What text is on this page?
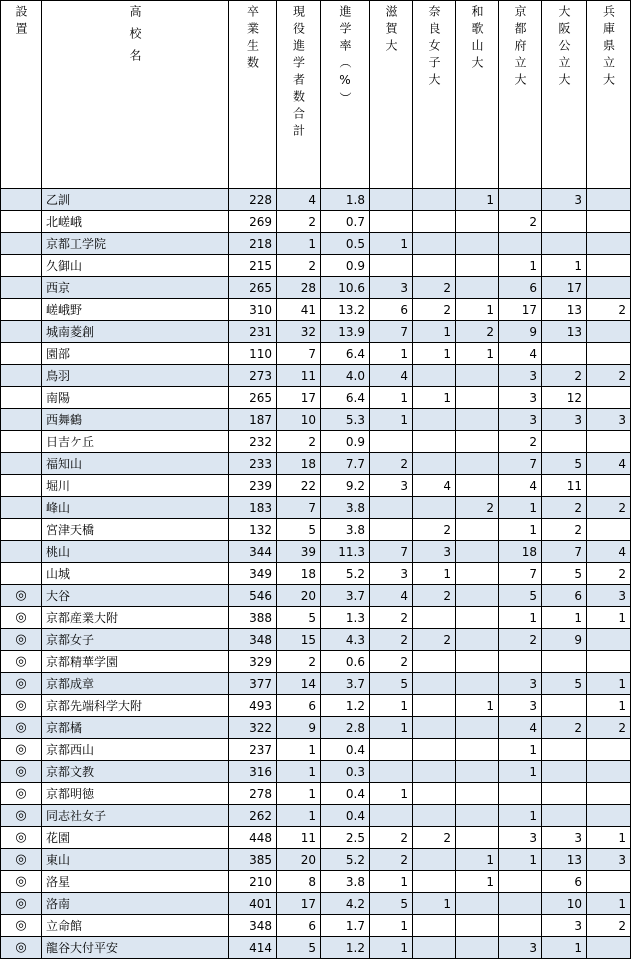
設置	高校名	卒業生数	現役進学者数合計	進学率（%）	滋賀大	奈良女子大	和歌山大	京都府立大	大阪公立大	兵庫県立大

	乙訓	228	4	1.8			1		3	
	北嵯峨	269	2	0.7				2		
	京都工学院	218	1	0.5	1					
	久御山	215	2	0.9				1	1	
	西京	265	28	10.6	3	2		6	17	
	嵯峨野	310	41	13.2	6	2	1	17	13	2
	城南菱創	231	32	13.9	7	1	2	9	13	
	園部	110	7	6.4	1	1	1	4		
	鳥羽	273	11	4.0	4			3	2	2
	南陽	265	17	6.4	1	1		3	12	
	西舞鶴	187	10	5.3	1			3	3	3
	日吉ケ丘	232	2	0.9				2		
	福知山	233	18	7.7	2			7	5	4
	堀川	239	22	9.2	3	4		4	11	
	峰山	183	7	3.8			2	1	2	2
	宮津天橋	132	5	3.8		2		1	2	
	桃山	344	39	11.3	7	3		18	7	4
	山城	349	18	5.2	3	1		7	5	2
◎	大谷	546	20	3.7	4	2		5	6	3
◎	京都産業大附	388	5	1.3	2			1	1	1
◎	京都女子	348	15	4.3	2	2		2	9	
◎	京都精華学園	329	2	0.6	2					
◎	京都成章	377	14	3.7	5			3	5	1
◎	京都先端科学大附	493	6	1.2	1		1	3		1
◎	京都橘	322	9	2.8	1			4	2	2
◎	京都西山	237	1	0.4				1		
◎	京都文教	316	1	0.3				1		
◎	京都明徳	278	1	0.4	1					
◎	同志社女子	262	1	0.4				1		
◎	花園	448	11	2.5	2	2		3	3	1
◎	東山	385	20	5.2	2		1	1	13	3
◎	洛星	210	8	3.8	1		1		6	
◎	洛南	401	17	4.2	5	1			10	1
◎	立命館	348	6	1.7	1				3	2
◎	龍谷大付平安	414	5	1.2	1			3	1	
